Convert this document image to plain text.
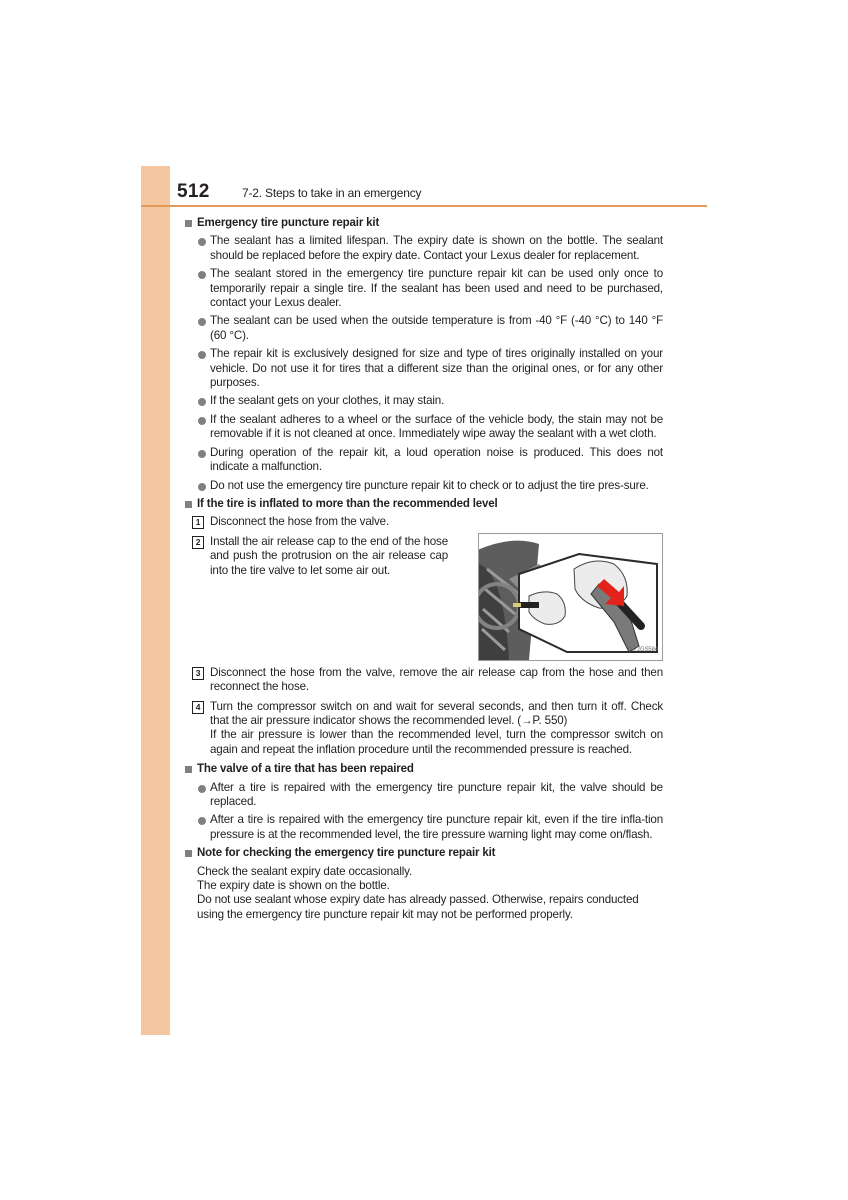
512	7-2. Steps to take in an emergency
Emergency tire puncture repair kit
The sealant has a limited lifespan. The expiry date is shown on the bottle. The sealant should be replaced before the expiry date. Contact your Lexus dealer for replacement.
The sealant stored in the emergency tire puncture repair kit can be used only once to temporarily repair a single tire. If the sealant has been used and need to be purchased, contact your Lexus dealer.
The sealant can be used when the outside temperature is from -40 °F (-40 °C) to 140 °F (60 °C).
The repair kit is exclusively designed for size and type of tires originally installed on your vehicle. Do not use it for tires that a different size than the original ones, or for any other purposes.
If the sealant gets on your clothes, it may stain.
If the sealant adheres to a wheel or the surface of the vehicle body, the stain may not be removable if it is not cleaned at once. Immediately wipe away the sealant with a wet cloth.
During operation of the repair kit, a loud operation noise is produced. This does not indicate a malfunction.
Do not use the emergency tire puncture repair kit to check or to adjust the tire pres-sure.
If the tire is inflated to more than the recommended level
1 Disconnect the hose from the valve.
2 Install the air release cap to the end of the hose and push the protrusion on the air release cap into the tire valve to let some air out.
IN72GS584
3 Disconnect the hose from the valve, remove the air release cap from the hose and then reconnect the hose.
4 Turn the compressor switch on and wait for several seconds, and then turn it off. Check that the air pressure indicator shows the recommended level. (→P. 550)
If the air pressure is lower than the recommended level, turn the compressor switch on again and repeat the inflation procedure until the recommended pressure is reached.
The valve of a tire that has been repaired
After a tire is repaired with the emergency tire puncture repair kit, the valve should be replaced.
After a tire is repaired with the emergency tire puncture repair kit, even if the tire infla-tion pressure is at the recommended level, the tire pressure warning light may come on/flash.
Note for checking the emergency tire puncture repair kit
Check the sealant expiry date occasionally.
The expiry date is shown on the bottle.
Do not use sealant whose expiry date has already passed. Otherwise, repairs conducted using the emergency tire puncture repair kit may not be performed properly.
